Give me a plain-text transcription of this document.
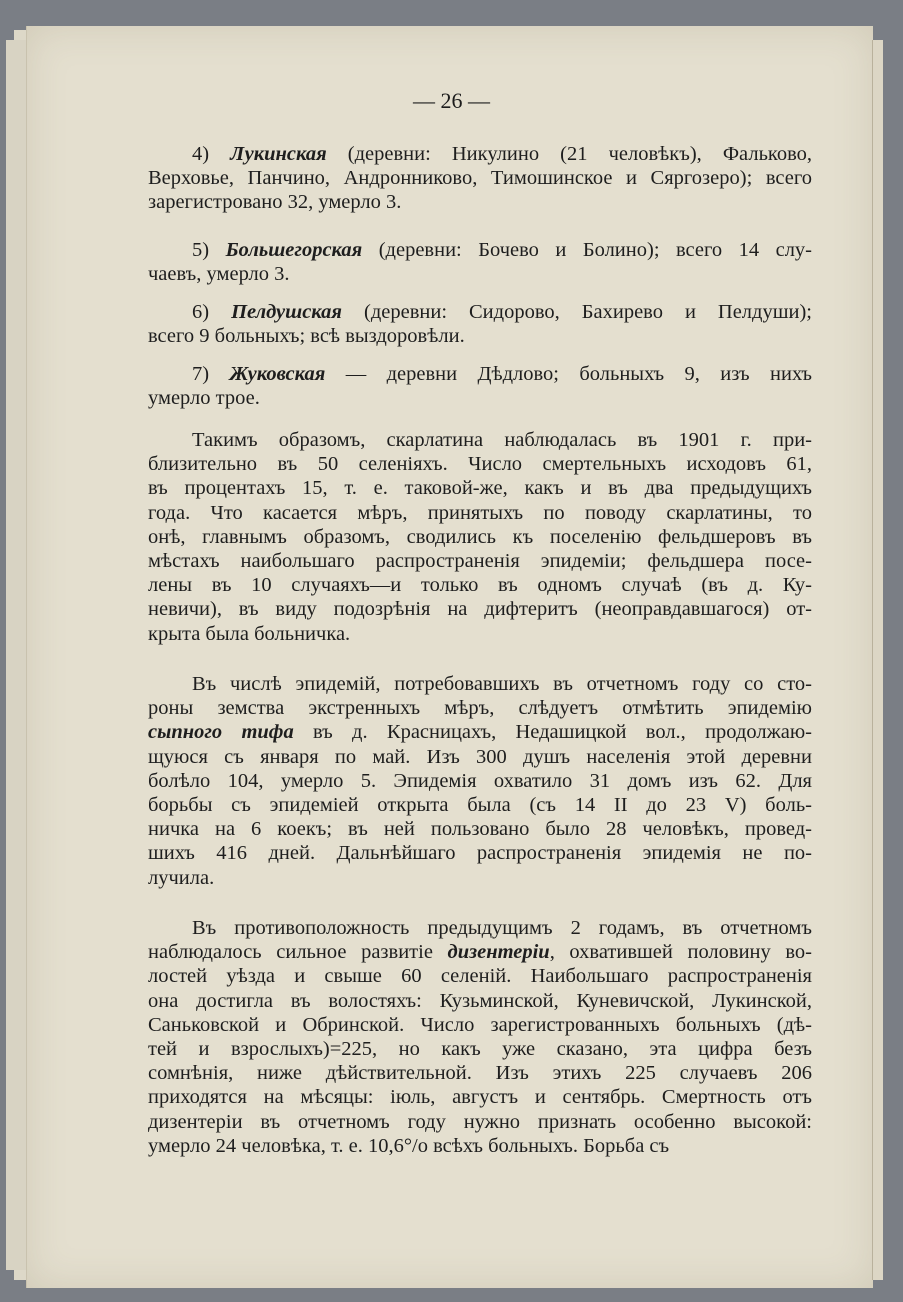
— 26 —
4) Лукинская (деревни: Никулино (21 человѣкъ), Фальково,
Верховье, Панчино, Андронниково, Тимошинское и Сяргозеро); всего
зарегистровано 32, умерло 3.
5) Большегорская (деревни: Бочево и Болино); всего 14 слу-
чаевъ, умерло 3.
6) Пелдушская (деревни: Сидорово, Бахирево и Пелдуши);
всего 9 больныхъ; всѣ выздоровѣли.
7) Жуковская — деревни Дѣдлово; больныхъ 9, изъ нихъ
умерло трое.
Такимъ образомъ, скарлатина наблюдалась въ 1901 г. при-
близительно въ 50 селеніяхъ. Число смертельныхъ исходовъ 61,
въ процентахъ 15, т. е. таковой-же, какъ и въ два предыдущихъ
года. Что касается мѣръ, принятыхъ по поводу скарлатины, то
онѣ, главнымъ образомъ, сводились къ поселенію фельдшеровъ въ
мѣстахъ наибольшаго распространенія эпидеміи; фельдшера посе-
лены въ 10 случаяхъ—и только въ одномъ случаѣ (въ д. Ку-
невичи), въ виду подозрѣнія на дифтеритъ (неоправдавшагося) от-
крыта была больничка.
Въ числѣ эпидемій, потребовавшихъ въ отчетномъ году со сто-
роны земства экстренныхъ мѣръ, слѣдуетъ отмѣтить эпидемію
сыпного тифа въ д. Красницахъ, Недашицкой вол., продолжаю-
щуюся съ января по май. Изъ 300 душъ населенія этой деревни
болѣло 104, умерло 5. Эпидемія охватило 31 домъ изъ 62. Для
борьбы съ эпидеміей открыта была (съ 14 II до 23 V) боль-
ничка на 6 коекъ; въ ней пользовано было 28 человѣкъ, провед-
шихъ 416 дней. Дальнѣйшаго распространенія эпидемія не по-
лучила.
Въ противоположность предыдущимъ 2 годамъ, въ отчетномъ
наблюдалось сильное развитіе дизентеріи, охватившей половину во-
лостей уѣзда и свыше 60 селеній. Наибольшаго распространенія
она достигла въ волостяхъ: Кузьминской, Куневичской, Лукинской,
Саньковской и Обринской. Число зарегистрованныхъ больныхъ (дѣ-
тей и взрослыхъ)=225, но какъ уже сказано, эта цифра безъ
сомнѣнія, ниже дѣйствительной. Изъ этихъ 225 случаевъ 206
приходятся на мѣсяцы: іюль, августъ и сентябрь. Смертность отъ
дизентеріи въ отчетномъ году нужно признать особенно высокой:
умерло 24 человѣка, т. е. 10,6°/о всѣхъ больныхъ. Борьба съ
